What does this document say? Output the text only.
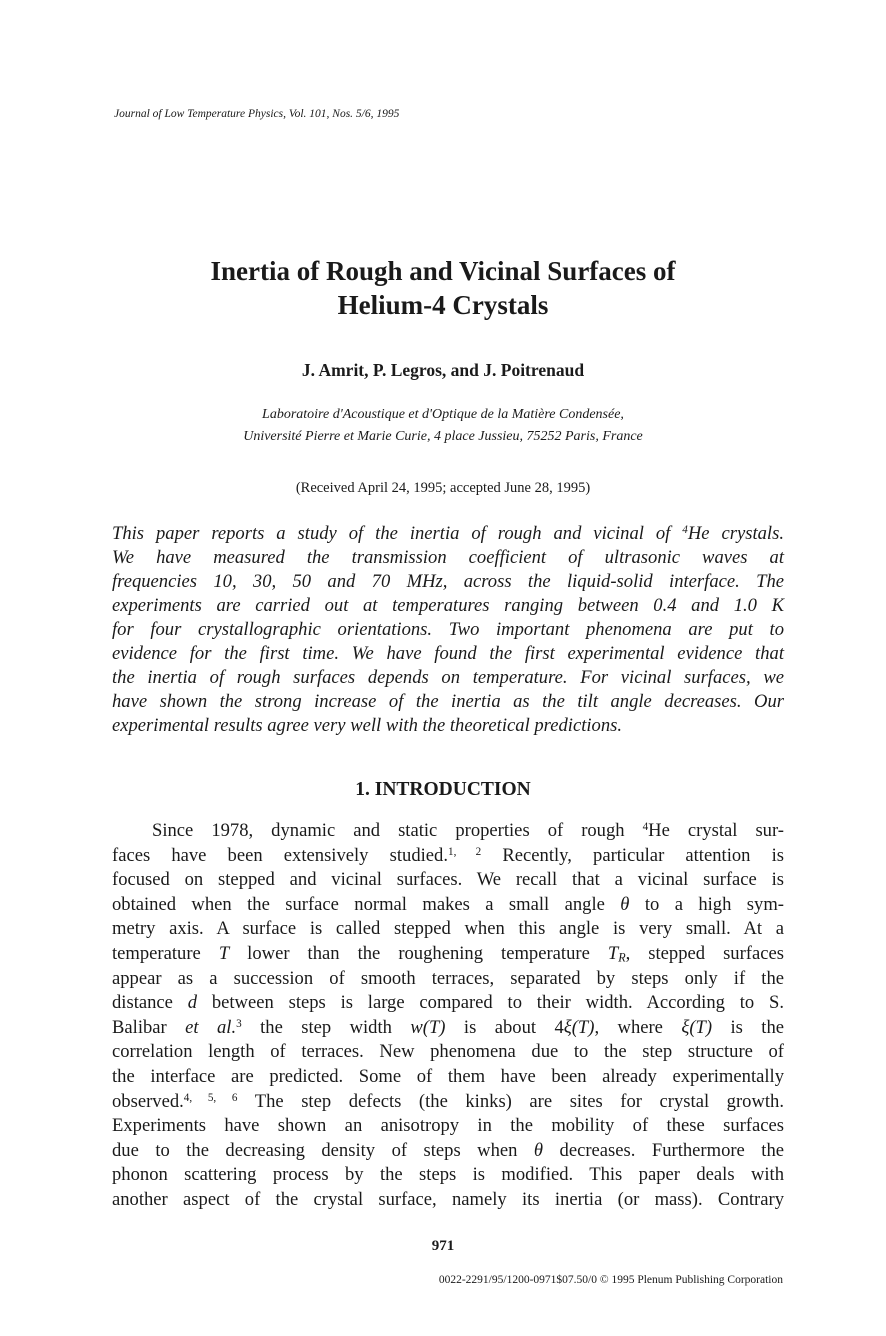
Journal of Low Temperature Physics, Vol. 101, Nos. 5/6, 1995
Inertia of Rough and Vicinal Surfaces of
Helium-4 Crystals
J. Amrit, P. Legros, and J. Poitrenaud
Laboratoire d'Acoustique et d'Optique de la Matière Condensée,
Université Pierre et Marie Curie, 4 place Jussieu, 75252 Paris, France
(Received April 24, 1995; accepted June 28, 1995)
This paper reports a study of the inertia of rough and vicinal of $^4$He crystals.
We have measured the transmission coefficient of ultrasonic waves at
frequencies 10, 30, 50 and 70 MHz, across the liquid-solid interface. The
experiments are carried out at temperatures ranging between 0.4 and 1.0 K
for four crystallographic orientations. Two important phenomena are put to
evidence for the first time. We have found the first experimental evidence that
the inertia of rough surfaces depends on temperature. For vicinal surfaces, we
have shown the strong increase of the inertia as the tilt angle decreases. Our
experimental results agree very well with the theoretical predictions.
1. INTRODUCTION
Since 1978, dynamic and static properties of rough $^4$He crystal sur-
faces have been extensively studied.$^{1, 2}$ Recently, particular attention is
focused on stepped and vicinal surfaces. We recall that a vicinal surface is
obtained when the surface normal makes a small angle θ to a high sym-
metry axis. A surface is called stepped when this angle is very small. At a
temperature T lower than the roughening temperature $T_R$, stepped surfaces
appear as a succession of smooth terraces, separated by steps only if the
distance d between steps is large compared to their width. According to S.
Balibar et al.$^3$ the step width w(T) is about 4ξ(T), where ξ(T) is the
correlation length of terraces. New phenomena due to the step structure of
the interface are predicted. Some of them have been already experimentally
observed.$^{4, 5, 6}$ The step defects (the kinks) are sites for crystal growth.
Experiments have shown an anisotropy in the mobility of these surfaces
due to the decreasing density of steps when θ decreases. Furthermore the
phonon scattering process by the steps is modified. This paper deals with
another aspect of the crystal surface, namely its inertia (or mass). Contrary
971
0022-2291/95/1200-0971$07.50/0 © 1995 Plenum Publishing Corporation
